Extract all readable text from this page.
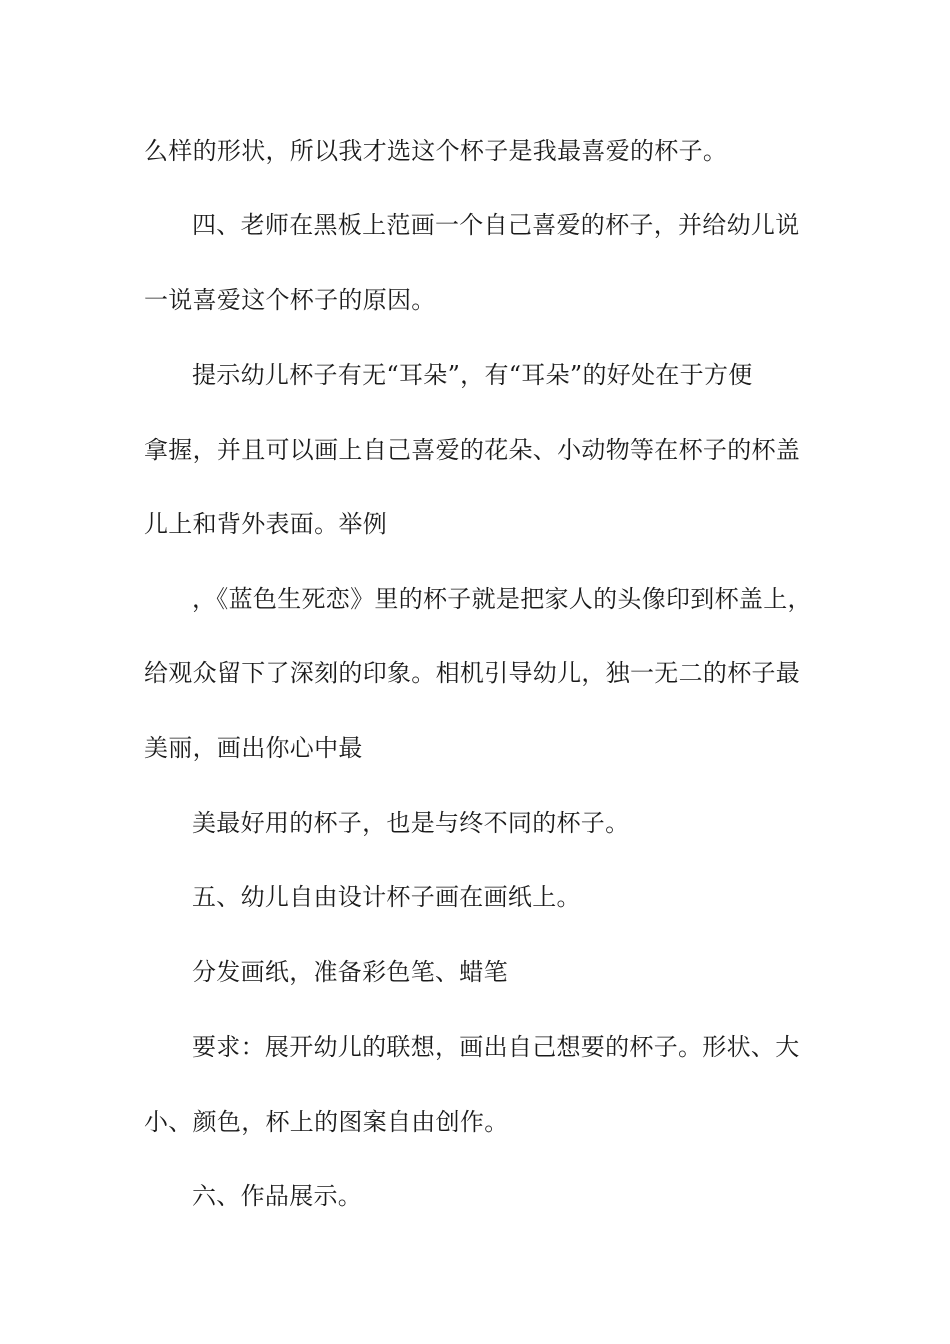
么样的形状，所以我才选这个杯子是我最喜爱的杯子。
四、老师在黑板上范画一个自己喜爱的杯子，并给幼儿说
一说喜爱这个杯子的原因。
提示幼儿杯子有无“耳朵”，有“耳朵”的好处在于方便
拿握，并且可以画上自己喜爱的花朵、小动物等在杯子的杯盖
儿上和背外表面。举例
，《蓝色生死恋》里的杯子就是把家人的头像印到杯盖上，
给观众留下了深刻的印象。相机引导幼儿，独一无二的杯子最
美丽，画出你心中最
美最好用的杯子，也是与终不同的杯子。
五、幼儿自由设计杯子画在画纸上。
分发画纸，准备彩色笔、蜡笔
要求：展开幼儿的联想，画出自己想要的杯子。形状、大
小、颜色，杯上的图案自由创作。
六、作品展示。
